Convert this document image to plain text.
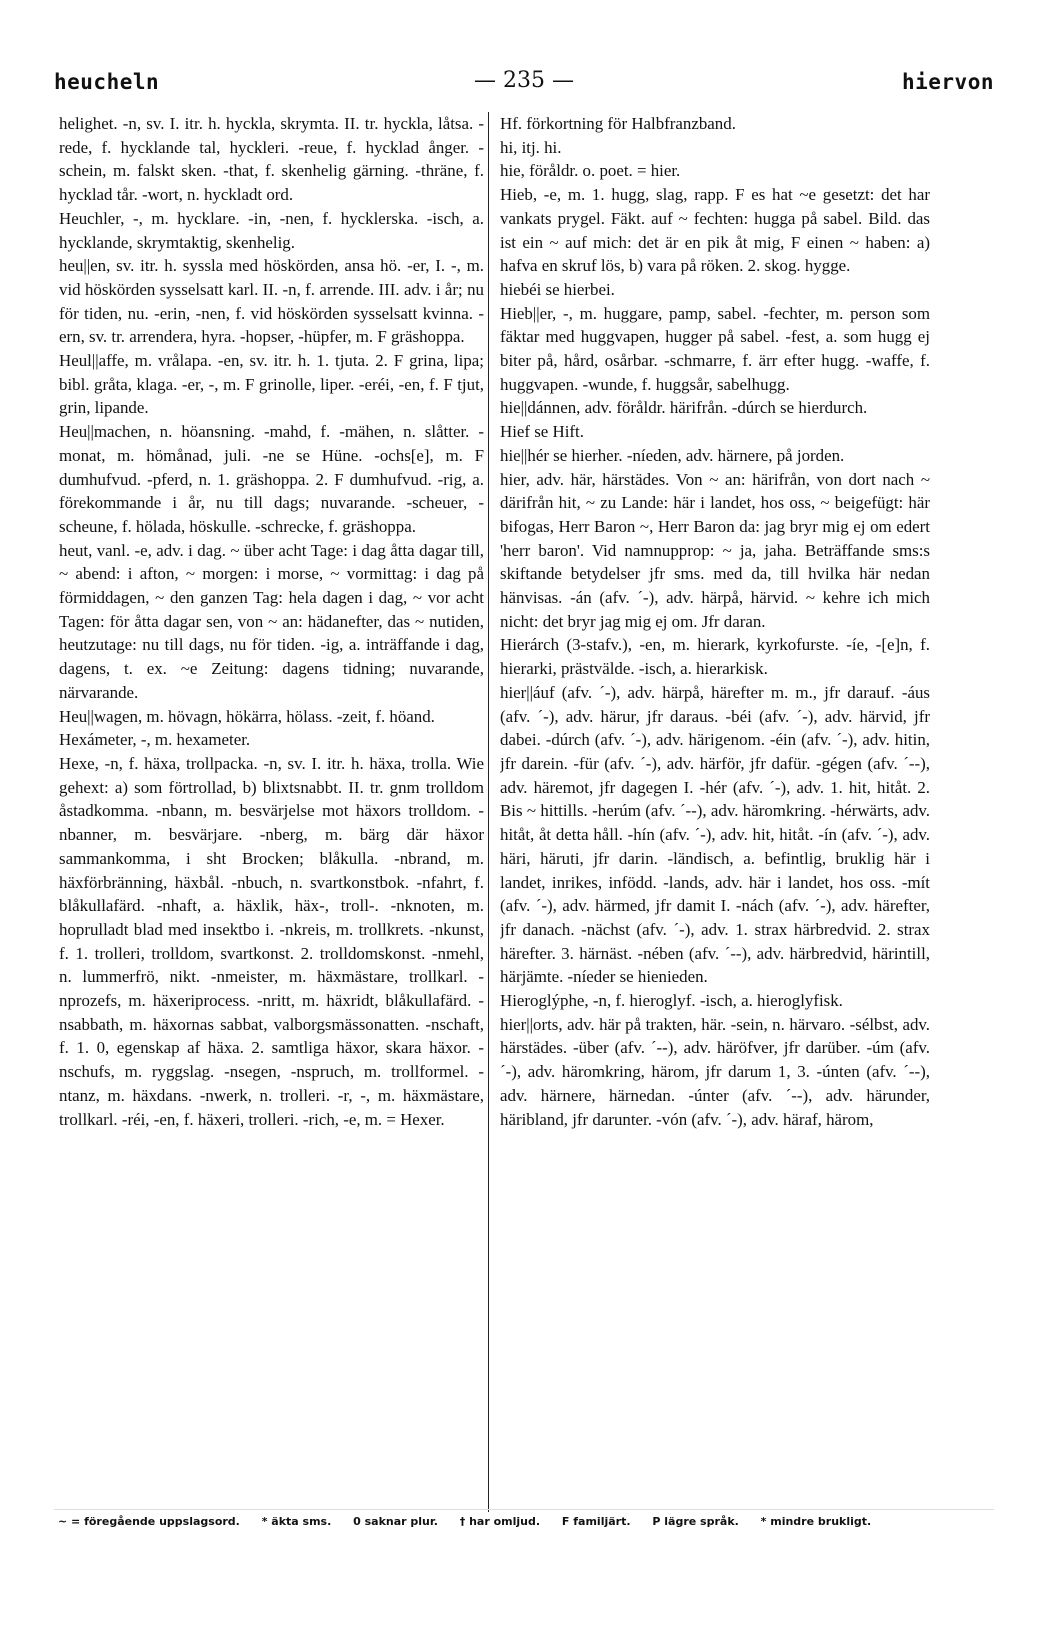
heucheln	— 235 —	hiervon

helighet. -n, sv. I. itr. h. hyckla, skrymta. II. tr. hyckla, låtsa. -rede, f. hycklande tal, hyckleri. -reue, f. hycklad ånger. -schein, m. falskt sken. -that, f. skenhelig gärning. -thräne, f. hycklad tår. -wort, n. hyckladt ord.

Heuchler, -, m. hycklare. -in, -nen, f. hycklerska. -isch, a. hycklande, skrymtaktig, skenhelig.

heu||en, sv. itr. h. syssla med höskörden, ansa hö. -er, I. -, m. vid höskörden sysselsatt karl. II. -n, f. arrende. III. adv. i år; nu för tiden, nu. -erin, -nen, f. vid höskörden sysselsatt kvinna. -ern, sv. tr. arrendera, hyra. -hopser, -hüpfer, m. F gräshoppa.

Heul||affe, m. vrålapa. -en, sv. itr. h. 1. tjuta. 2. F grina, lipa; bibl. gråta, klaga. -er, -, m. F grinolle, liper. -eréi, -en, f. F tjut, grin, lipande.

Heu||machen, n. höansning. -mahd, f. -mähen, n. slåtter. -monat, m. hömånad, juli. -ne se Hüne. -ochs[e], m. F dumhufvud. -pferd, n. 1. gräshoppa. 2. F dumhufvud. -rig, a. förekommande i år, nu till dags; nuvarande. -scheuer, -scheune, f. hölada, höskulle. -schrecke, f. gräshoppa.

heut, vanl. -e, adv. i dag. ~ über acht Tage: i dag åtta dagar till, ~ abend: i afton, ~ morgen: i morse, ~ vormittag: i dag på förmiddagen, ~ den ganzen Tag: hela dagen i dag, ~ vor acht Tagen: för åtta dagar sen, von ~ an: hädanefter, das ~ nutiden, heutzutage: nu till dags, nu för tiden. -ig, a. inträffande i dag, dagens, t. ex. ~e Zeitung: dagens tidning; nuvarande, närvarande.

Heu||wagen, m. hövagn, hökärra, hölass. -zeit, f. höand.

Hexámeter, -, m. hexameter.

Hexe, -n, f. häxa, trollpacka. -n, sv. I. itr. h. häxa, trolla. Wie gehext: a) som förtrollad, b) blixtsnabbt. II. tr. gnm trolldom åstadkomma. -nbann, m. besvärjelse mot häxors trolldom. -nbanner, m. besvärjare. -nberg, m. bärg där häxor sammankomma, i sht Brocken; blåkulla. -nbrand, m. häxförbränning, häxbål. -nbuch, n. svartkonstbok. -nfahrt, f. blåkullafärd. -nhaft, a. häxlik, häx-, troll-. -nknoten, m. hoprulladt blad med insektbo i. -nkreis, m. trollkrets. -nkunst, f. 1. trolleri, trolldom, svartkonst. 2. trolldomskonst. -nmehl, n. lummerfrö, nikt. -nmeister, m. häxmästare, trollkarl. -nprozefs, m. häxeriprocess. -nritt, m. häxridt, blåkullafärd. -nsabbath, m. häxornas sabbat, valborgsmässonatten. -nschaft, f. 1. 0, egenskap af häxa. 2. samtliga häxor, skara häxor. -nschufs, m. ryggslag. -nsegen, -nspruch, m. trollformel. -ntanz, m. häxdans. -nwerk, n. trolleri. -r, -, m. häxmästare, trollkarl. -réi, -en, f. häxeri, trolleri. -rich, -e, m. = Hexer.

Hf. förkortning för Halbfranzband.

hi, itj. hi.

hie, föråldr. o. poet. = hier.

Hieb, -e, m. 1. hugg, slag, rapp. F es hat ~e gesetzt: det har vankats prygel. Fäkt. auf ~ fechten: hugga på sabel. Bild. das ist ein ~ auf mich: det är en pik åt mig, F einen ~ haben: a) hafva en skruf lös, b) vara på röken. 2. skog. hygge.

hiebéi se hierbei.

Hieb||er, -, m. huggare, pamp, sabel. -fechter, m. person som fäktar med huggvapen, hugger på sabel. -fest, a. som hugg ej biter på, hård, osårbar. -schmarre, f. ärr efter hugg. -waffe, f. huggvapen. -wunde, f. huggsår, sabelhugg.

hie||dánnen, adv. föråldr. härifrån. -dúrch se hierdurch.

Hief se Hift.

hie||hér se hierher. -níeden, adv. härnere, på jorden.

hier, adv. här, härstädes. Von ~ an: härifrån, von dort nach ~ därifrån hit, ~ zu Lande: här i landet, hos oss, ~ beigefügt: här bifogas, Herr Baron ~, Herr Baron da: jag bryr mig ej om edert 'herr baron'. Vid namnupprop: ~ ja, jaha. Beträffande sms:s skiftande betydelser jfr sms. med da, till hvilka här nedan hänvisas. -án (afv. ´-), adv. härpå, härvid. ~ kehre ich mich nicht: det bryr jag mig ej om. Jfr daran.

Hierárch (3-stafv.), -en, m. hierark, kyrkofurste. -íe, -[e]n, f. hierarki, prästvälde. -isch, a. hierarkisk.

hier||áuf (afv. ´-), adv. härpå, härefter m. m., jfr darauf. -áus (afv. ´-), adv. härur, jfr daraus. -béi (afv. ´-), adv. härvid, jfr dabei. -dúrch (afv. ´-), adv. härigenom. -éin (afv. ´-), adv. hitin, jfr darein. -für (afv. ´-), adv. härför, jfr dafür. -gégen (afv. ´--), adv. häremot, jfr dagegen I. -hér (afv. ´-), adv. 1. hit, hitåt. 2. Bis ~ hittills. -herúm (afv. ´--), adv. häromkring. -hérwärts, adv. hitåt, åt detta håll. -hín (afv. ´-), adv. hit, hitåt. -ín (afv. ´-), adv. häri, häruti, jfr darin. -ländisch, a. befintlig, bruklig här i landet, inrikes, infödd. -lands, adv. här i landet, hos oss. -mít (afv. ´-), adv. härmed, jfr damit I. -nách (afv. ´-), adv. härefter, jfr danach. -nächst (afv. ´-), adv. 1. strax härbredvid. 2. strax härefter. 3. härnäst. -nében (afv. ´--), adv. härbredvid, härintill, härjämte. -níeder se hienieden.

Hieroglýphe, -n, f. hieroglyf. -isch, a. hieroglyfisk.

hier||orts, adv. här på trakten, här. -sein, n. härvaro. -sélbst, adv. härstädes. -über (afv. ´--), adv. häröfver, jfr darüber. -úm (afv. ´-), adv. häromkring, härom, jfr darum 1, 3. -únten (afv. ´--), adv. härnere, härnedan. -únter (afv. ´--), adv. härunder, häribland, jfr darunter. -vón (afv. ´-), adv. häraf, härom,

~ = föregående uppslagsord. * äkta sms. 0 saknar plur. † har omljud. F familjärt. P lägre språk. * mindre brukligt.
